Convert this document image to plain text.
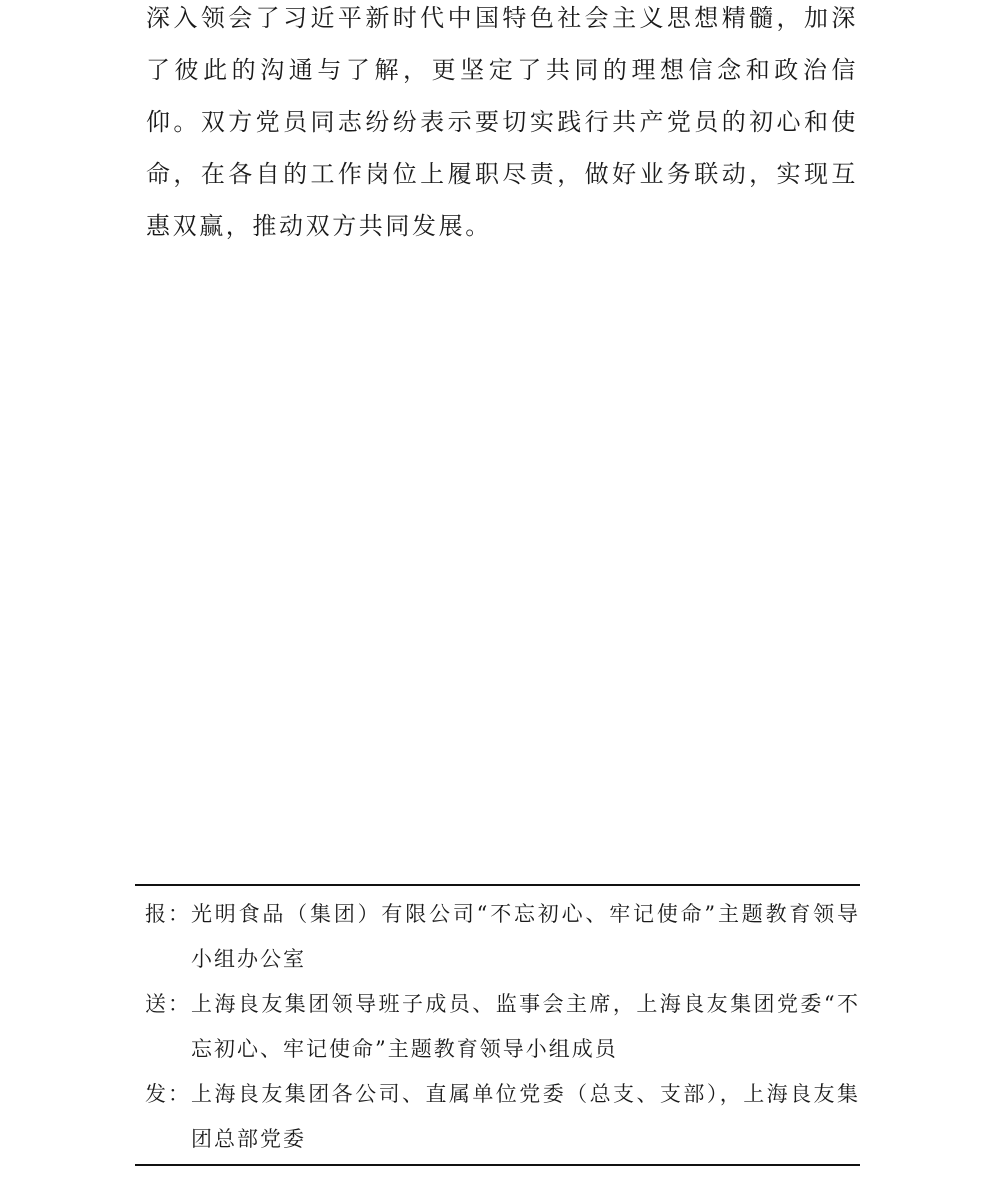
深入领会了习近平新时代中国特色社会主义思想精髓，加深了彼此的沟通与了解，更坚定了共同的理想信念和政治信仰。双方党员同志纷纷表示要切实践行共产党员的初心和使命，在各自的工作岗位上履职尽责，做好业务联动，实现互惠双赢，推动双方共同发展。

报： 光明食品（集团）有限公司“不忘初心、牢记使命”主题教育领导小组办公室
送： 上海良友集团领导班子成员、监事会主席，上海良友集团党委“不忘初心、牢记使命”主题教育领导小组成员
发： 上海良友集团各公司、直属单位党委（总支、支部），上海良友集团总部党委
